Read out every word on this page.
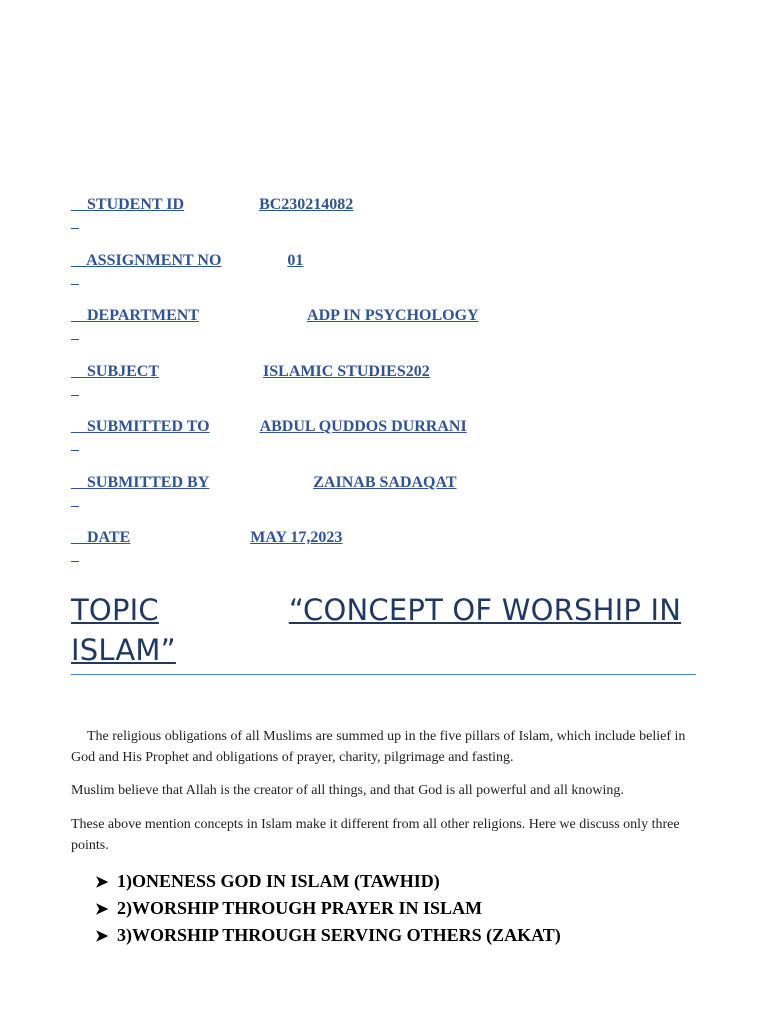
STUDENT ID	BC230214082

ASSIGNMENT NO	01

DEPARTMENT	ADP IN PSYCHOLOGY

SUBJECT	ISLAMIC STUDIES202

SUBMITTED TO	ABDUL QUDDOS DURRANI

SUBMITTED BY	ZAINAB SADAQAT

DATE	MAY 17,2023

TOPIC	“CONCEPT OF WORSHIP IN ISLAM”
The religious obligations of all Muslims are summed up in the five pillars of Islam, which include belief in God and His Prophet and obligations of prayer, charity, pilgrimage and fasting.
Muslim believe that Allah is the creator of all things, and that God is all powerful and all knowing.
These above mention concepts in Islam make it different from all other religions. Here we discuss only three points.
➤ 1)ONENESS GOD IN ISLAM (TAWHID)
➤ 2)WORSHIP THROUGH PRAYER IN ISLAM
➤ 3)WORSHIP THROUGH SERVING OTHERS (ZAKAT)
